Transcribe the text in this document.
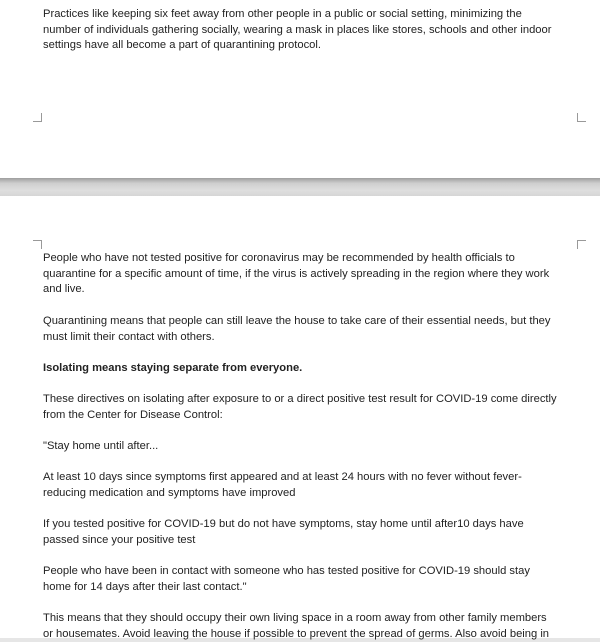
Practices like keeping six feet away from other people in a public or social setting, minimizing the number of individuals gathering socially, wearing a mask in places like stores, schools and other indoor settings have all become a part of quarantining protocol.

People who have not tested positive for coronavirus may be recommended by health officials to quarantine for a specific amount of time, if the virus is actively spreading in the region where they work and live.

Quarantining means that people can still leave the house to take care of their essential needs, but they must limit their contact with others.

Isolating means staying separate from everyone.

These directives on isolating after exposure to or a direct positive test result for COVID-19 come directly from the Center for Disease Control:

"Stay home until after...

At least 10 days since symptoms first appeared and at least 24 hours with no fever without fever-reducing medication and symptoms have improved

If you tested positive for COVID-19 but do not have symptoms, stay home until after10 days have passed since your positive test

People who have been in contact with someone who has tested positive for COVID-19 should stay home for 14 days after their last contact."

This means that they should occupy their own living space in a room away from other family members or housemates. Avoid leaving the house if possible to prevent the spread of germs. Also avoid being in
